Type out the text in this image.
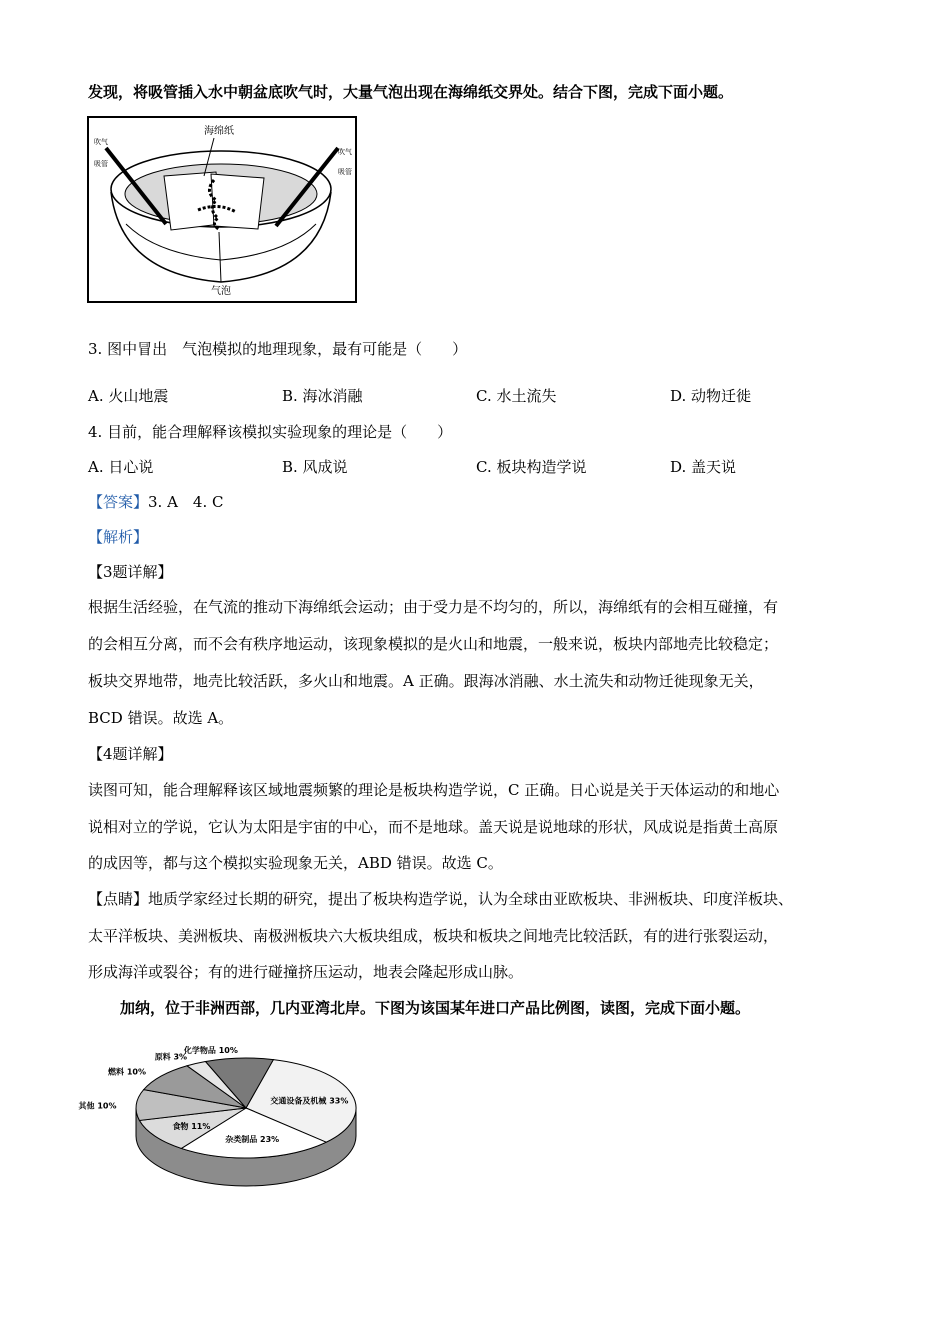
发现，将吸管插入水中朝盆底吹气时，大量气泡出现在海绵纸交界处。结合下图，完成下面小题。
海绵纸
气泡
吹气
吸管
吹气
吸管
3. 图中冒出　气泡模拟的地理现象，最有可能是（　　）
A. 火山地震	B. 海冰消融	C. 水土流失	D. 动物迁徙
4. 目前，能合理解释该模拟实验现象的理论是（　　）
A. 日心说	B. 风成说	C. 板块构造学说	D. 盖天说
【答案】3. A　4. C
【解析】
【3题详解】
根据生活经验，在气流的推动下海绵纸会运动；由于受力是不均匀的，所以，海绵纸有的会相互碰撞，有
的会相互分离，而不会有秩序地运动，该现象模拟的是火山和地震，一般来说，板块内部地壳比较稳定；
板块交界地带，地壳比较活跃，多火山和地震。A 正确。跟海冰消融、水土流失和动物迁徙现象无关，
BCD 错误。故选 A。
【4题详解】
读图可知，能合理解释该区域地震频繁的理论是板块构造学说，C 正确。日心说是关于天体运动的和地心
说相对立的学说，它认为太阳是宇宙的中心，而不是地球。盖天说是说地球的形状，风成说是指黄土高原
的成因等，都与这个模拟实验现象无关，ABD 错误。故选 C。
【点睛】地质学家经过长期的研究，提出了板块构造学说，认为全球由亚欧板块、非洲板块、印度洋板块、
太平洋板块、美洲板块、南极洲板块六大板块组成，板块和板块之间地壳比较活跃，有的进行张裂运动，
形成海洋或裂谷；有的进行碰撞挤压运动，地表会隆起形成山脉。
加纳，位于非洲西部，几内亚湾北岸。下图为该国某年进口产品比例图，读图，完成下面小题。
交通设备及机械 33%
杂类制品 23%
食物 11%
其他 10%
燃料 10%
原料 3%
化学物品 10%
